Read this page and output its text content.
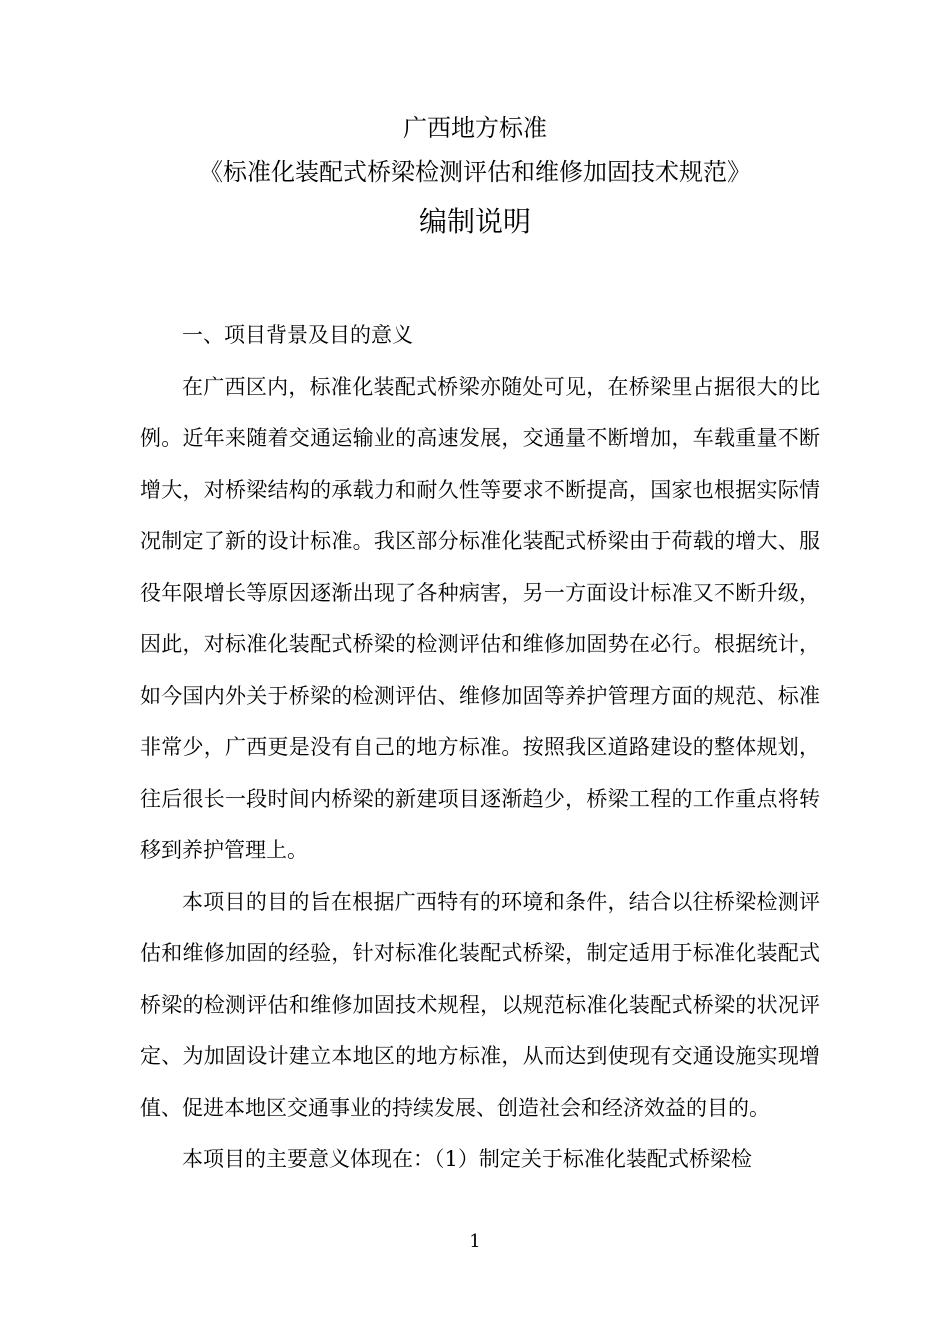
广西地方标准
《标准化装配式桥梁检测评估和维修加固技术规范》
编制说明

一、项目背景及目的意义

在广西区内，标准化装配式桥梁亦随处可见，在桥梁里占据很大的比例。近年来随着交通运输业的高速发展，交通量不断增加，车载重量不断增大，对桥梁结构的承载力和耐久性等要求不断提高，国家也根据实际情况制定了新的设计标准。我区部分标准化装配式桥梁由于荷载的增大、服役年限增长等原因逐渐出现了各种病害，另一方面设计标准又不断升级，因此，对标准化装配式桥梁的检测评估和维修加固势在必行。根据统计，如今国内外关于桥梁的检测评估、维修加固等养护管理方面的规范、标准非常少，广西更是没有自己的地方标准。按照我区道路建设的整体规划，往后很长一段时间内桥梁的新建项目逐渐趋少，桥梁工程的工作重点将转移到养护管理上。

本项目的目的旨在根据广西特有的环境和条件，结合以往桥梁检测评估和维修加固的经验，针对标准化装配式桥梁，制定适用于标准化装配式桥梁的检测评估和维修加固技术规程，以规范标准化装配式桥梁的状况评定、为加固设计建立本地区的地方标准，从而达到使现有交通设施实现增值、促进本地区交通事业的持续发展、创造社会和经济效益的目的。

本项目的主要意义体现在：（1）制定关于标准化装配式桥梁检

1
